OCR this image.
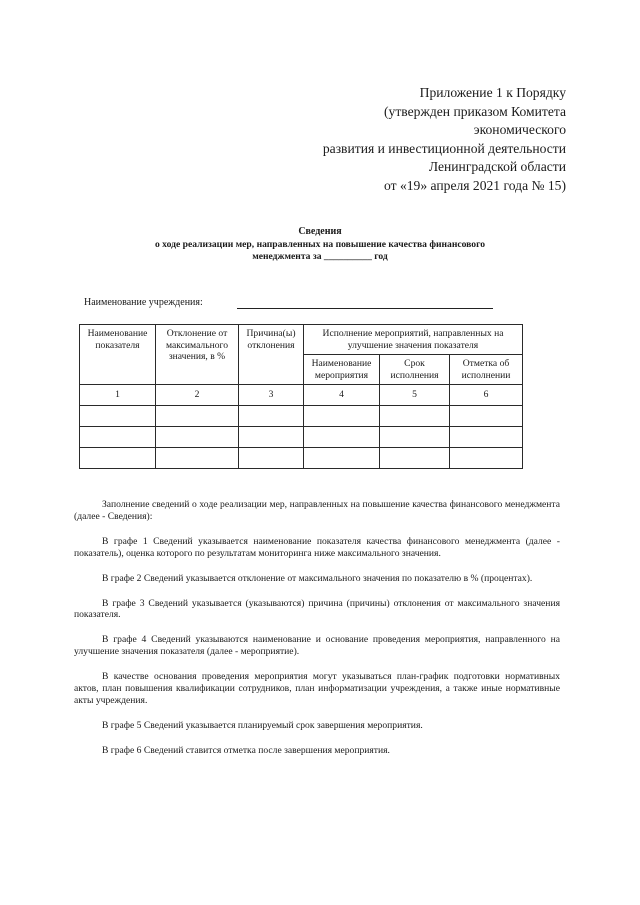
Приложение 1 к Порядку
(утвержден приказом Комитета
экономического
развития и инвестиционной деятельности
Ленинградской области
от «19» апреля 2021 года № 15)
Сведения
о ходе реализации мер, направленных на повышение качества финансового
менеджмента за __________ год
Наименование учреждения:
Наименование показателя	Отклонение от максимального значения, в %	Причина(ы) отклонения	Исполнение мероприятий, направленных на улучшение значения показателя		
			Наименование мероприятия	Срок исполнения	Отметка об исполнении
1	2	3	4	5	6

Заполнение сведений о ходе реализации мер, направленных на повышение качества финансового менеджмента (далее - Сведения):

В графе 1 Сведений указывается наименование показателя качества финансового менеджмента (далее - показатель), оценка которого по результатам мониторинга ниже максимального значения.

В графе 2 Сведений указывается отклонение от максимального значения по показателю в % (процентах).

В графе 3 Сведений указывается (указываются) причина (причины) отклонения от максимального значения показателя.

В графе 4 Сведений указываются наименование и основание проведения мероприятия, направленного на улучшение значения показателя (далее - мероприятие).

В качестве основания проведения мероприятия могут указываться план-график подготовки нормативных актов, план повышения квалификации сотрудников, план информатизации учреждения, а также иные нормативные акты учреждения.

В графе 5 Сведений указывается планируемый срок завершения мероприятия.

В графе 6 Сведений ставится отметка после завершения мероприятия.
